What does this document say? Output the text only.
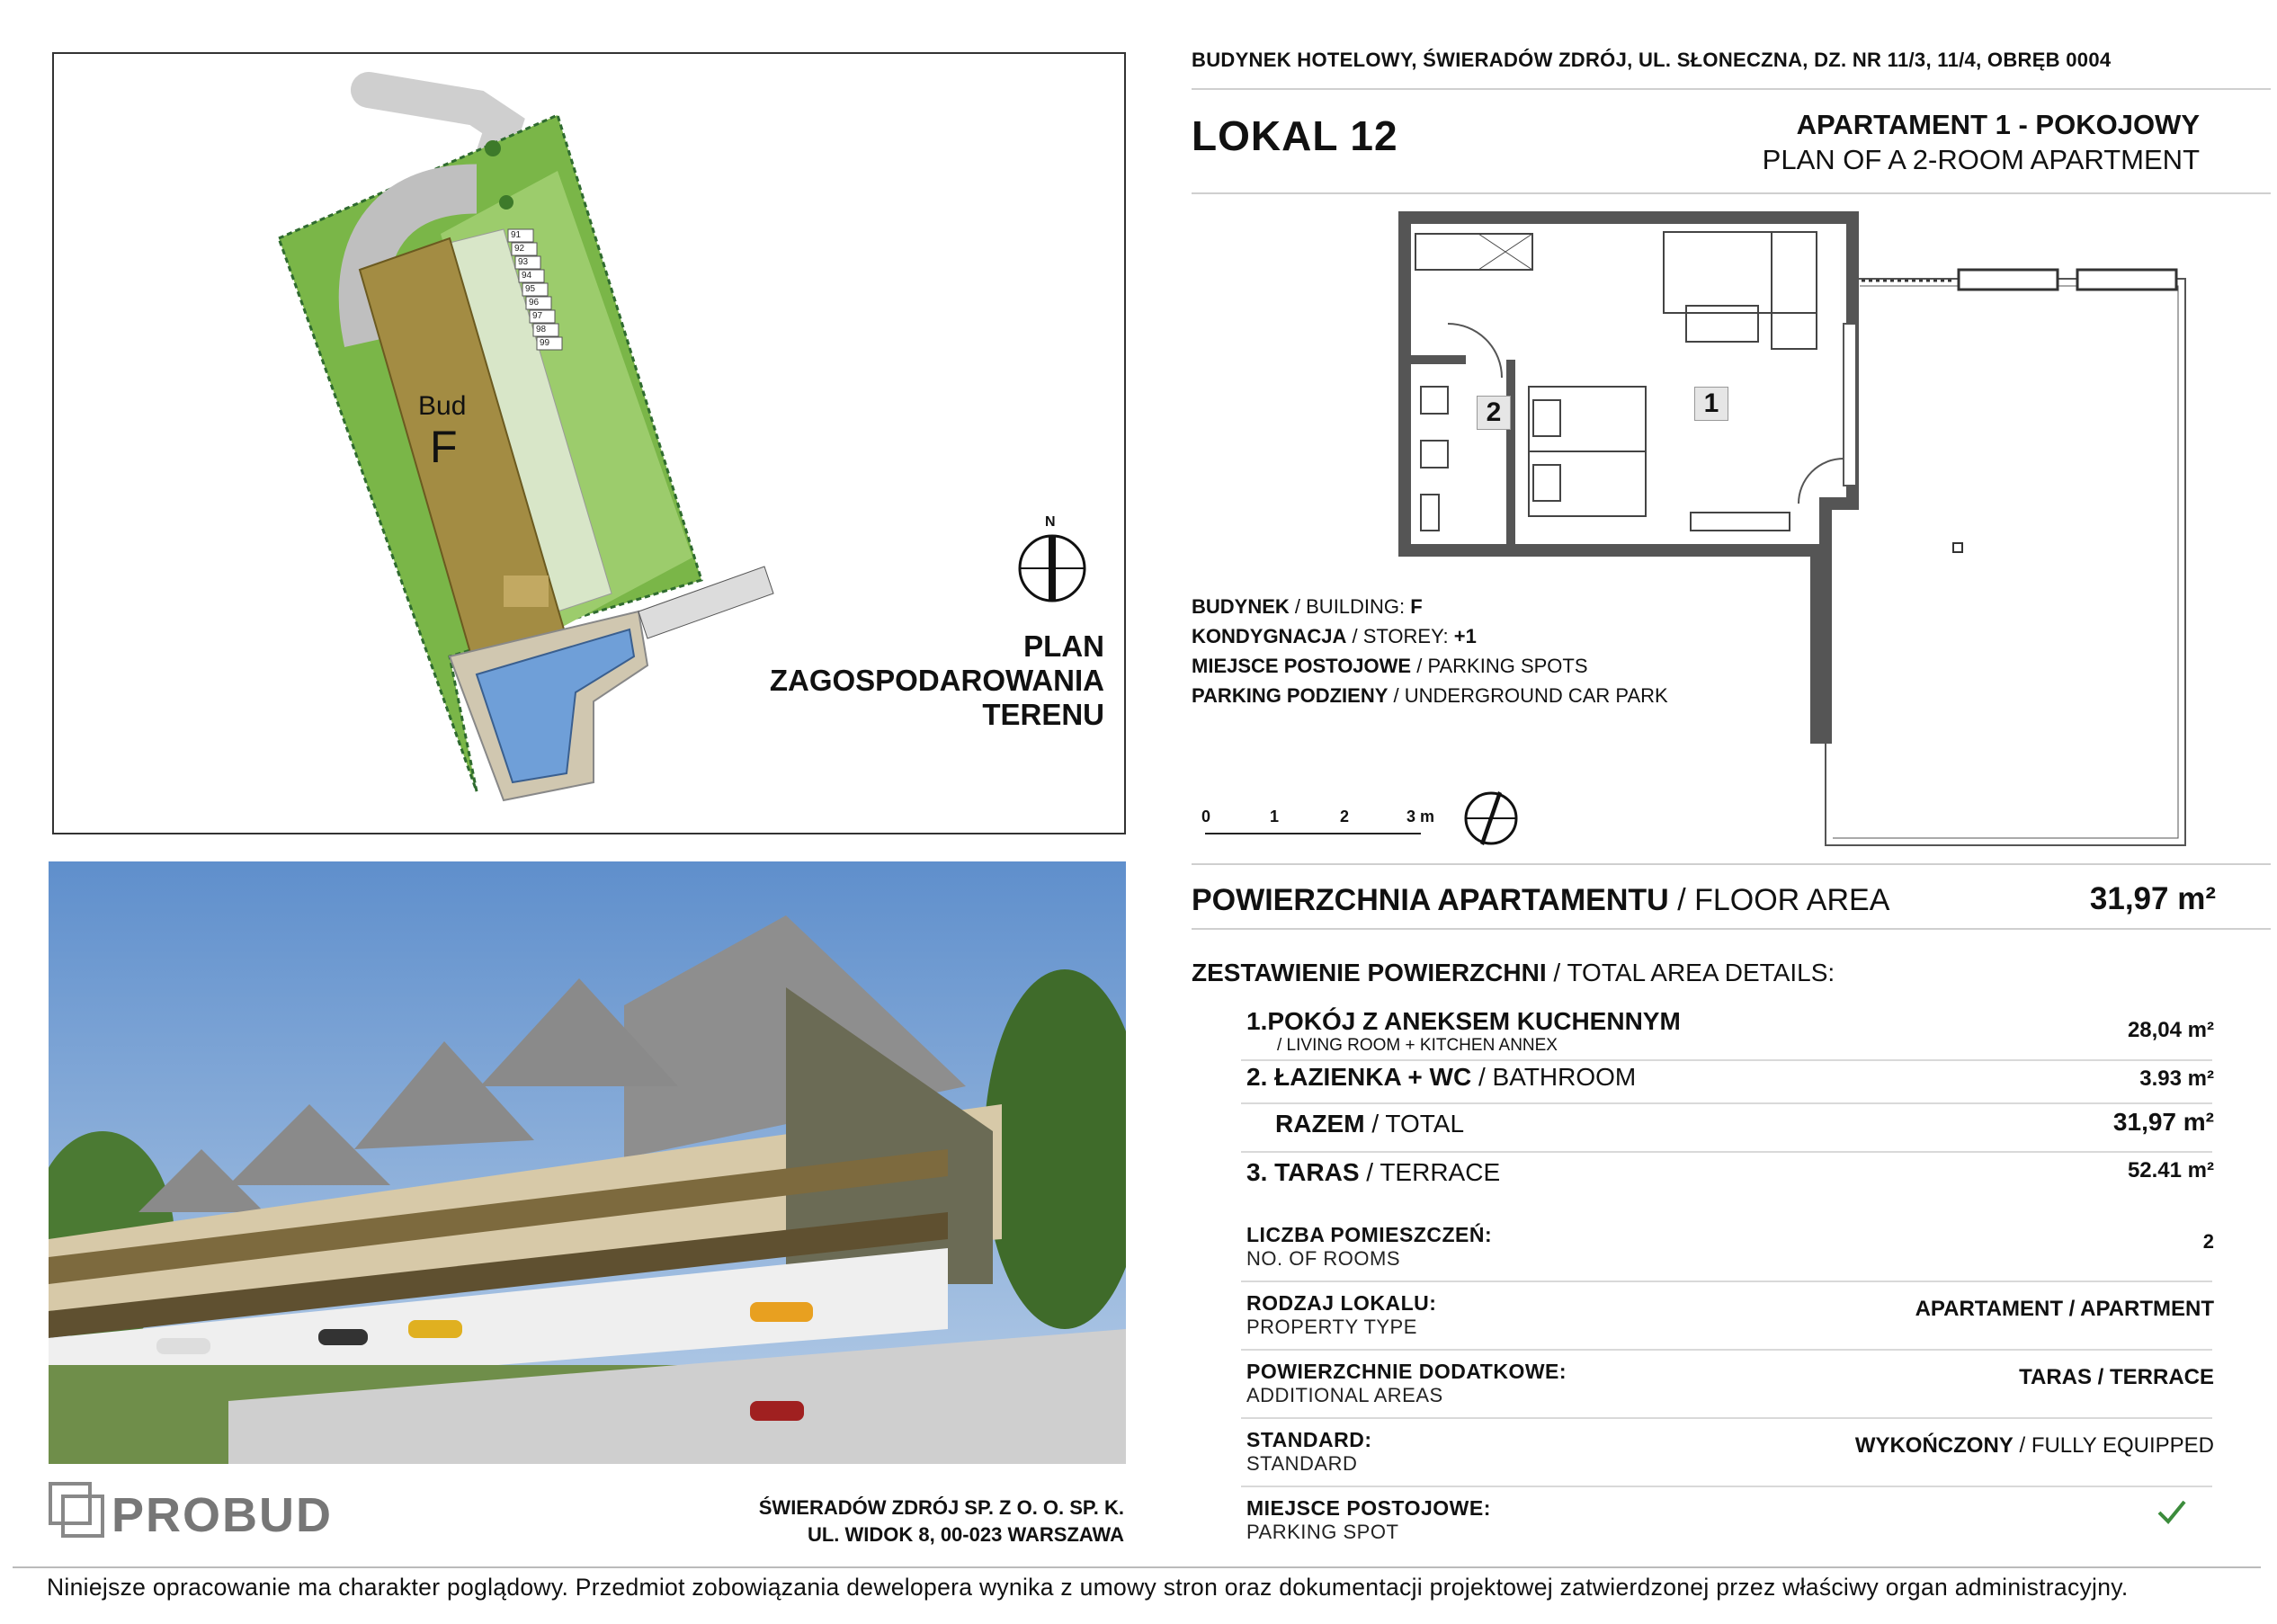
91
92
93
94
95
96
97
98
99
Bud
F
N
PLAN
ZAGOSPODAROWANIA
TERENU
PROBUD	ŚWIERADÓW ZDRÓJ SP. Z O. O. SP. K.
UL. WIDOK 8, 00-023 WARSZAWA
BUDYNEK HOTELOWY, ŚWIERADÓW ZDRÓJ, UL. SŁONECZNA, DZ. NR 11/3, 11/4, OBRĘB 0004
LOKAL 12	APARTAMENT 1 - POKOJOWY
PLAN OF A 2-ROOM APARTMENT
1
2
BUDYNEK / BUILDING: F
KONDYGNACJA / STOREY: +1
MIEJSCE POSTOJOWE / PARKING SPOTS
PARKING PODZIENY / UNDERGROUND CAR PARK
0	1	2	3 m
POWIERZCHNIA APARTAMENTU / FLOOR AREA	31,97 m²
ZESTAWIENIE POWIERZCHNI / TOTAL AREA DETAILS:
1.POKÓJ Z ANEKSEM KUCHENNYM
/ LIVING ROOM + KITCHEN ANNEX
28,04 m²
2. ŁAZIENKA + WC / BATHROOM	3.93 m²
RAZEM / TOTAL	31,97 m²
3. TARAS / TERRACE	52.41 m²
LICZBA POMIESZCZEŃ:
NO. OF ROOMS
2
RODZAJ LOKALU:
PROPERTY TYPE
APARTAMENT / APARTMENT
POWIERZCHNIE DODATKOWE:
ADDITIONAL AREAS
TARAS / TERRACE
STANDARD:
STANDARD
WYKOŃCZONY / FULLY EQUIPPED
MIEJSCE POSTOJOWE:
PARKING SPOT
Niniejsze opracowanie ma charakter poglądowy. Przedmiot zobowiązania dewelopera wynika z umowy stron oraz dokumentacji projektowej zatwierdzonej przez właściwy organ administracyjny.
